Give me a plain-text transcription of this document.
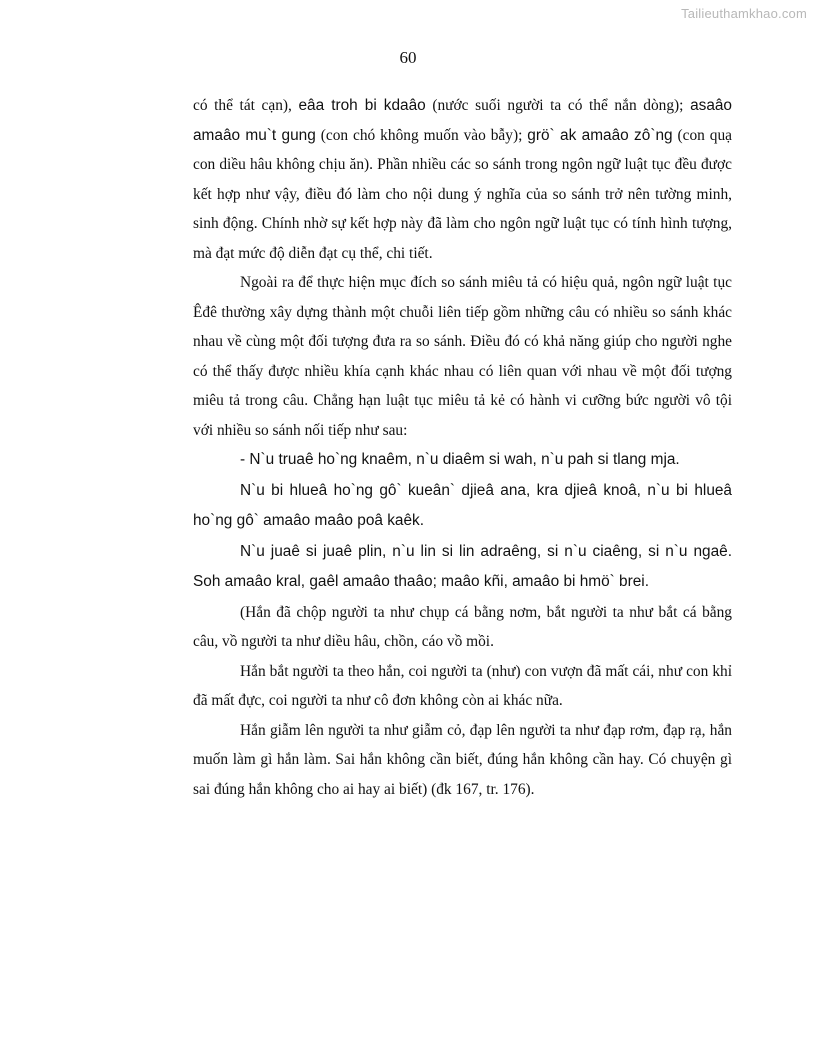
Tailieuthamkhao.com
60

có thể tát cạn), eâa troh bi kdaâo (nước suối người ta có thể nắn dòng); asaâo amaâo mu`t gung (con chó không muốn vào bẫy); grö` ak amaâo zô`ng (con quạ con diều hâu không chịu ăn). Phần nhiều các so sánh trong ngôn ngữ luật tục đều được kết hợp như vậy, điều đó làm cho nội dung ý nghĩa của so sánh trở nên tường minh, sinh động. Chính nhờ sự kết hợp này đã làm cho ngôn ngữ luật tục có tính hình tượng, mà đạt mức độ diễn đạt cụ thể, chi tiết.

Ngoài ra để thực hiện mục đích so sánh miêu tả có hiệu quả, ngôn ngữ luật tục Êđê thường xây dựng thành một chuỗi liên tiếp gồm những câu có nhiều so sánh khác nhau về cùng một đối tượng đưa ra so sánh. Điều đó có khả năng giúp cho người nghe có thể thấy được nhiều khía cạnh khác nhau có liên quan với nhau về một đối tượng miêu tả trong câu. Chẳng hạn luật tục miêu tả kẻ có hành vi cưỡng bức người vô tội với nhiều so sánh nối tiếp như sau:

- N`u truaê ho`ng knaêm, n`u diaêm si wah, n`u pah si tlang mja.

N`u bi hlueâ ho`ng gô` kueân` djieâ ana, kra djieâ knoâ, n`u bi hlueâ ho`ng gô` amaâo maâo poâ kaêk.

N`u juaê si juaê plin, n`u lin si lin adraêng, si n`u ciaêng, si n`u ngaê. Soh amaâo kral, gaêl amaâo thaâo; maâo kñi, amaâo bi hmö` brei.

(Hắn đã chộp người ta như chụp cá bằng nơm, bắt người ta như bắt cá bằng câu, vồ người ta như diều hâu, chồn, cáo vồ mồi.

Hắn bắt người ta theo hắn, coi người ta (như) con vượn đã mất cái, như con khỉ đã mất đực, coi người ta như cô đơn không còn ai khác nữa.

Hắn giẫm lên người ta như giẫm cỏ, đạp lên người ta như đạp rơm, đạp rạ, hắn muốn làm gì hắn làm. Sai hắn không cần biết, đúng hắn không cần hay. Có chuyện gì sai đúng hắn không cho ai hay ai biết) (đk 167, tr. 176).
